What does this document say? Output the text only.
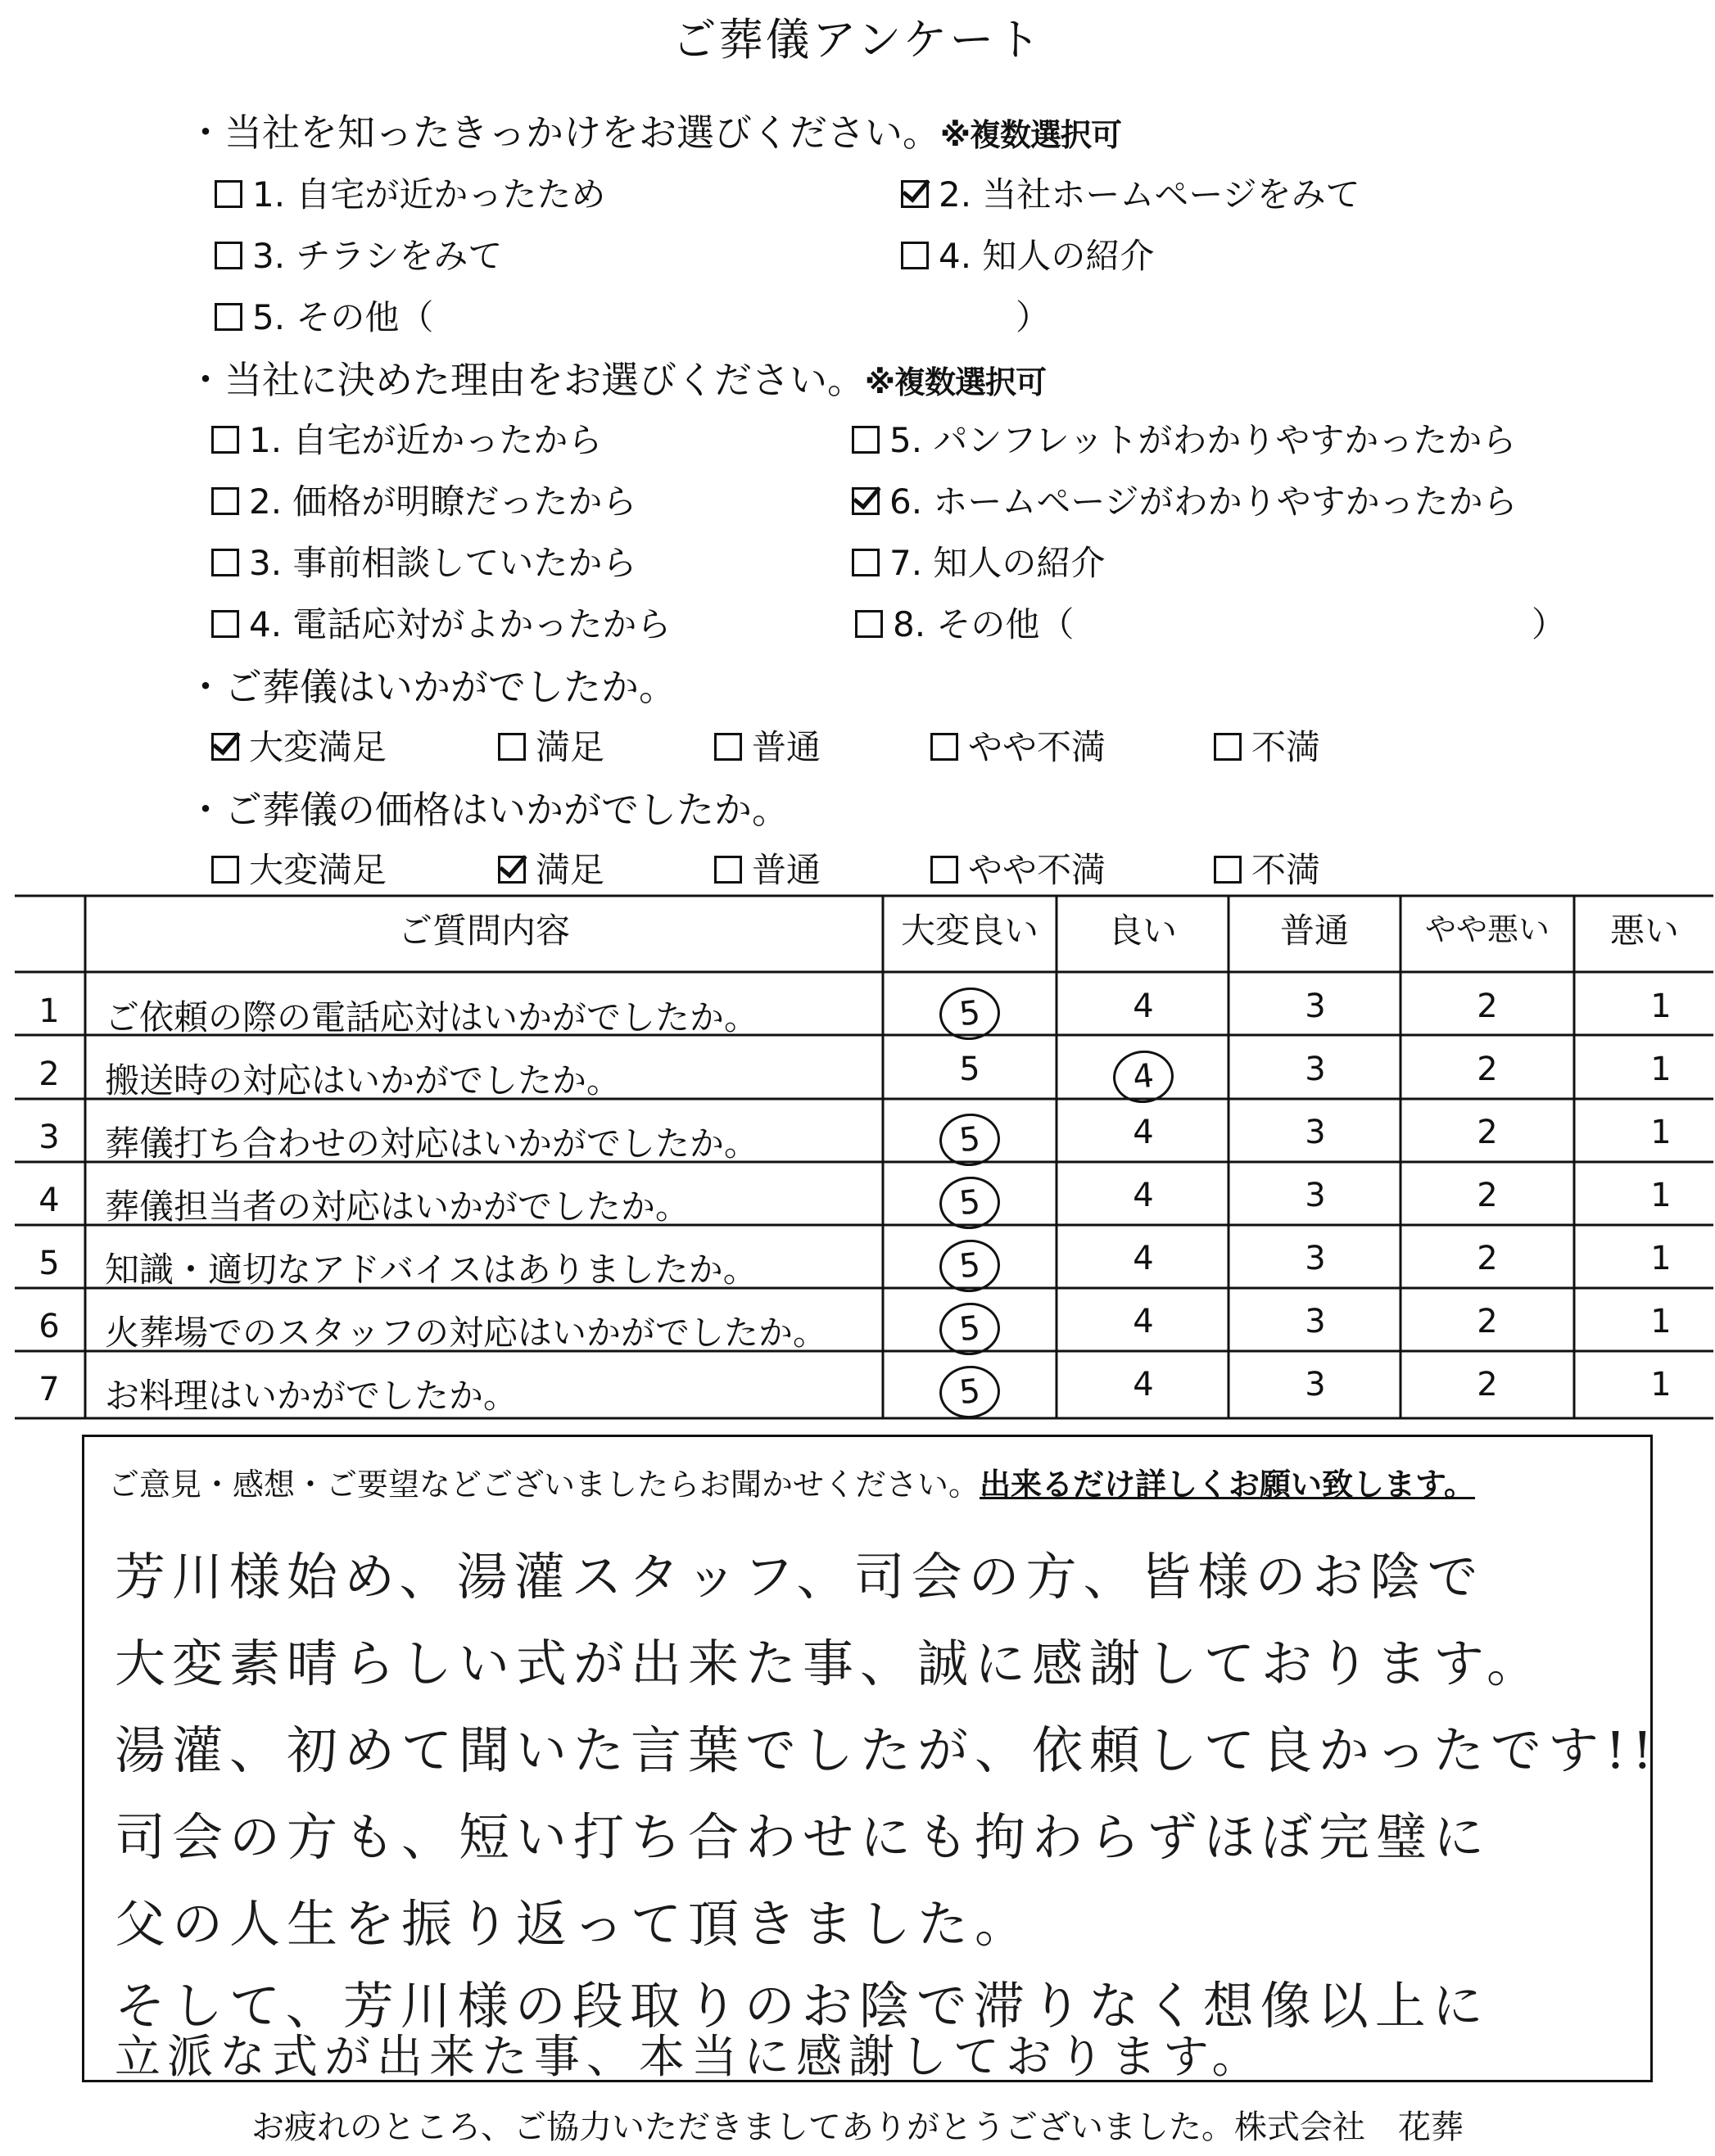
ご葬儀アンケート
・当社を知ったきっかけをお選びください。※複数選択可
1. 自宅が近かったため	2. 当社ホームページをみて
3. チラシをみて	4. 知人の紹介
5. その他（	）
・当社に決めた理由をお選びください。※複数選択可
1. 自宅が近かったから
2. 価格が明瞭だったから
3. 事前相談していたから
4. 電話応対がよかったから
5. パンフレットがわかりやすかったから
6. ホームページがわかりやすかったから
7. 知人の紹介
8. その他（	）
・ご葬儀はいかがでしたか。
大変満足	満足	普通	やや不満	不満
・ご葬儀の価格はいかがでしたか。
大変満足	満足	普通	やや不満	不満
ご質問内容	大変良い	良い	普通	やや悪い	悪い
1	ご依頼の際の電話応対はいかがでしたか。	5	4	3	2	1
2	搬送時の対応はいかがでしたか。	5	4	3	2	1
3	葬儀打ち合わせの対応はいかがでしたか。	5	4	3	2	1
4	葬儀担当者の対応はいかがでしたか。	5	4	3	2	1
5	知識・適切なアドバイスはありましたか。	5	4	3	2	1
6	火葬場でのスタッフの対応はいかがでしたか。	5	4	3	2	1
7	お料理はいかがでしたか。	5	4	3	2	1
ご意見・感想・ご要望などございましたらお聞かせください。出来るだけ詳しくお願い致します。
芳川様始め、湯灌スタッフ、司会の方、皆様のお陰で
大変素晴らしい式が出来た事、誠に感謝しております。
湯灌、初めて聞いた言葉でしたが、依頼して良かったです!!
司会の方も、短い打ち合わせにも拘わらずほぼ完璧に
父の人生を振り返って頂きました。
そして、芳川様の段取りのお陰で滞りなく想像以上に
立派な式が出来た事、本当に感謝しております。
お疲れのところ、ご協力いただきましてありがとうございました。株式会社　花葬
